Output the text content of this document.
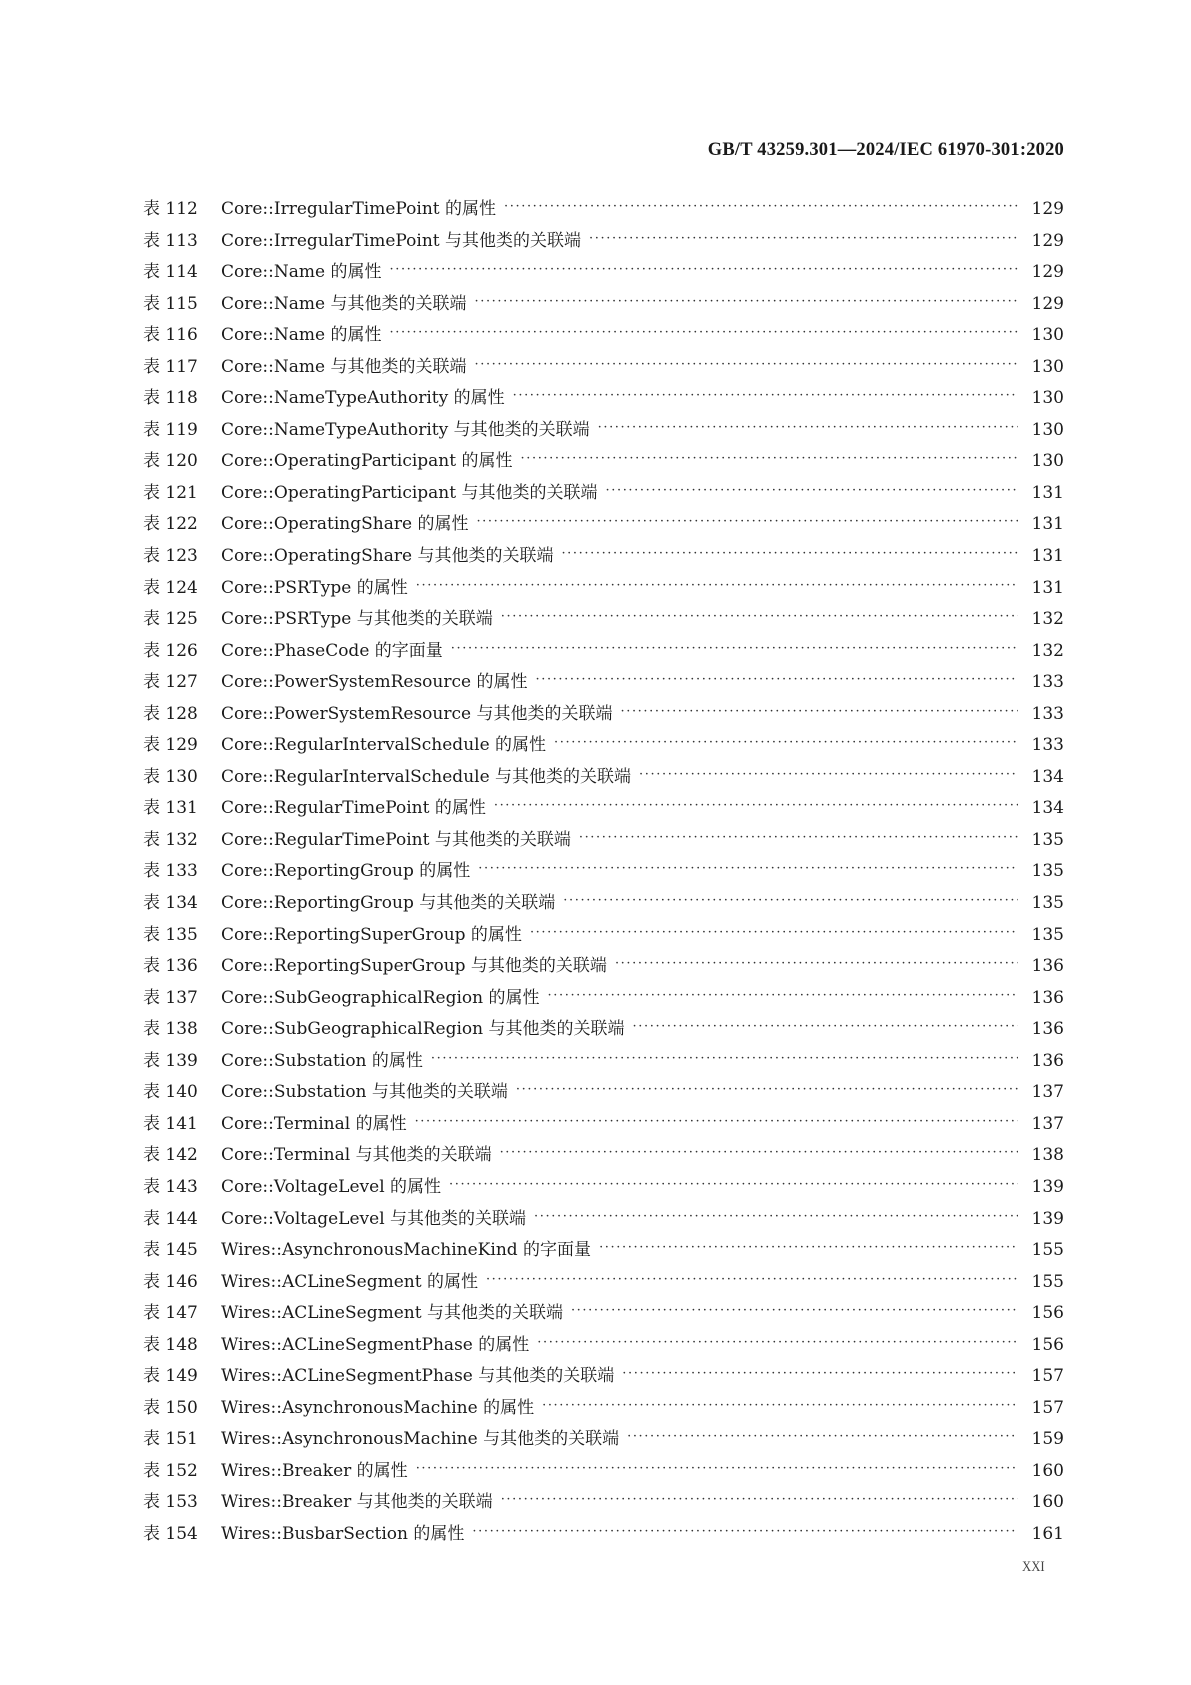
GB/T 43259.301—2024/IEC 61970-301:2020
表 112	Core::IrregularTimePoint 的属性 ·····	129
表 113	Core::IrregularTimePoint 与其他类的关联端 ·····	129
表 114	Core::Name 的属性 ·····	129
表 115	Core::Name 与其他类的关联端 ·····	129
表 116	Core::Name 的属性 ·····	130
表 117	Core::Name 与其他类的关联端 ·····	130
表 118	Core::NameTypeAuthority 的属性 ·····	130
表 119	Core::NameTypeAuthority 与其他类的关联端 ·····	130
表 120	Core::OperatingParticipant 的属性 ·····	130
表 121	Core::OperatingParticipant 与其他类的关联端 ·····	131
表 122	Core::OperatingShare 的属性 ·····	131
表 123	Core::OperatingShare 与其他类的关联端 ·····	131
表 124	Core::PSRType 的属性 ·····	131
表 125	Core::PSRType 与其他类的关联端 ·····	132
表 126	Core::PhaseCode 的字面量 ·····	132
表 127	Core::PowerSystemResource 的属性 ·····	133
表 128	Core::PowerSystemResource 与其他类的关联端 ·····	133
表 129	Core::RegularIntervalSchedule 的属性 ·····	133
表 130	Core::RegularIntervalSchedule 与其他类的关联端 ·····	134
表 131	Core::RegularTimePoint 的属性 ·····	134
表 132	Core::RegularTimePoint 与其他类的关联端 ·····	135
表 133	Core::ReportingGroup 的属性 ·····	135
表 134	Core::ReportingGroup 与其他类的关联端 ·····	135
表 135	Core::ReportingSuperGroup 的属性 ·····	135
表 136	Core::ReportingSuperGroup 与其他类的关联端 ·····	136
表 137	Core::SubGeographicalRegion 的属性 ·····	136
表 138	Core::SubGeographicalRegion 与其他类的关联端 ·····	136
表 139	Core::Substation 的属性 ·····	136
表 140	Core::Substation 与其他类的关联端 ·····	137
表 141	Core::Terminal 的属性 ·····	137
表 142	Core::Terminal 与其他类的关联端 ·····	138
表 143	Core::VoltageLevel 的属性 ·····	139
表 144	Core::VoltageLevel 与其他类的关联端 ·····	139
表 145	Wires::AsynchronousMachineKind 的字面量 ·····	155
表 146	Wires::ACLineSegment 的属性 ·····	155
表 147	Wires::ACLineSegment 与其他类的关联端 ·····	156
表 148	Wires::ACLineSegmentPhase 的属性 ·····	156
表 149	Wires::ACLineSegmentPhase 与其他类的关联端 ·····	157
表 150	Wires::AsynchronousMachine 的属性 ·····	157
表 151	Wires::AsynchronousMachine 与其他类的关联端 ·····	159
表 152	Wires::Breaker 的属性 ·····	160
表 153	Wires::Breaker 与其他类的关联端 ·····	160
表 154	Wires::BusbarSection 的属性 ·····	161
XXI
